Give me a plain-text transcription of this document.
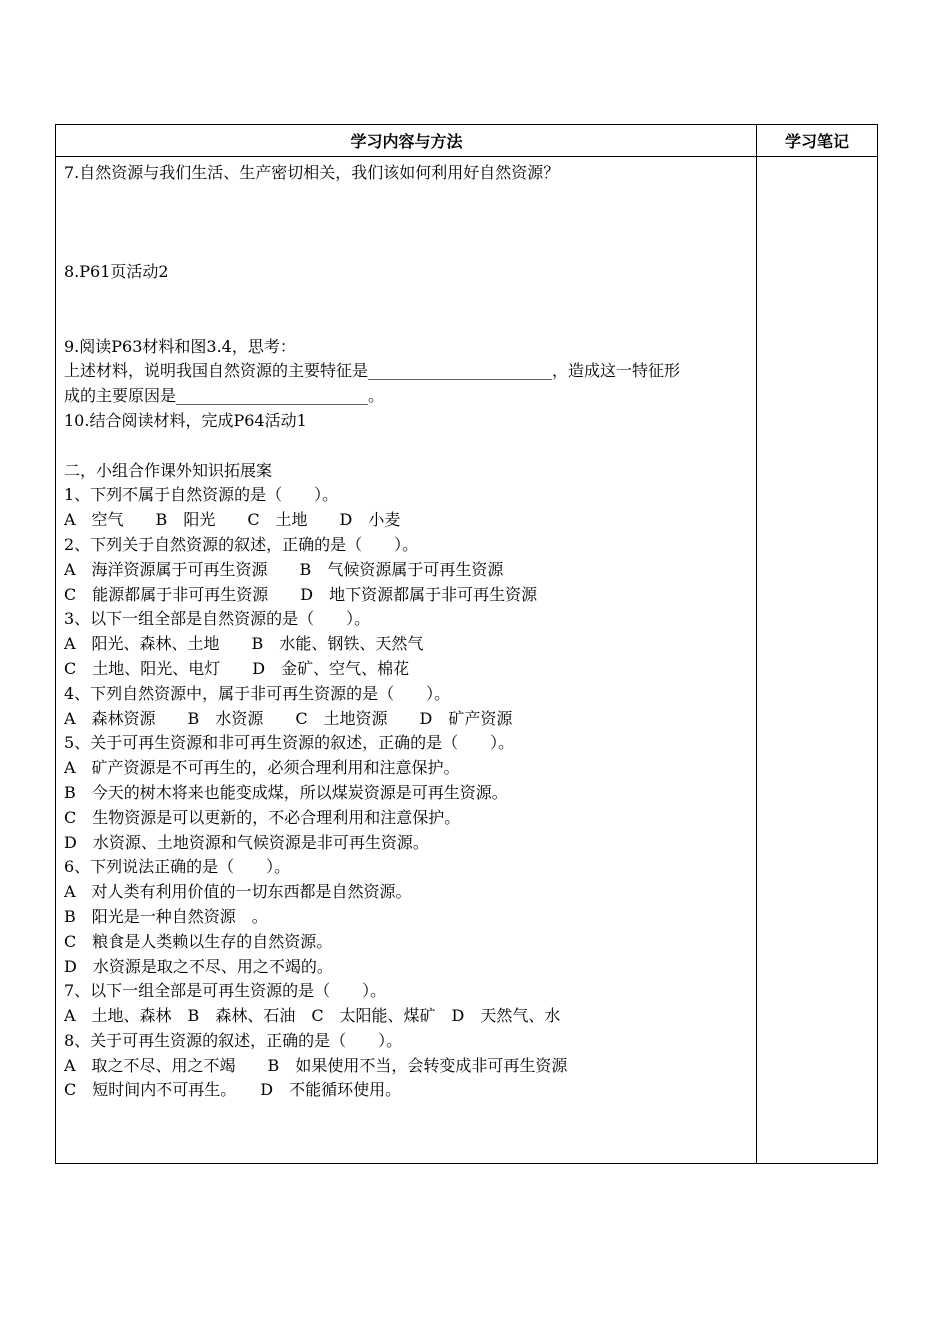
学习内容与方法	学习笔记
7.自然资源与我们生活、生产密切相关，我们该如何利用好自然资源？
8.P61页活动2
9.阅读P63材料和图3.4，思考：
上述材料，说明我国自然资源的主要特征是_______________________，造成这一特征形
成的主要原因是________________________。
10.结合阅读材料，完成P64活动1
二，小组合作课外知识拓展案
1、下列不属于自然资源的是（　　）。
A　空气　　B　阳光　　C　土地　　D　小麦
2、下列关于自然资源的叙述，正确的是（　　）。
A　海洋资源属于可再生资源　　B　气候资源属于可再生资源
C　能源都属于非可再生资源　　D　地下资源都属于非可再生资源
3、以下一组全部是自然资源的是（　　）。
A　阳光、森林、土地　　B　水能、钢铁、天然气
C　土地、阳光、电灯　　D　金矿、空气、棉花
4、下列自然资源中，属于非可再生资源的是（　　）。
A　森林资源　　B　水资源　　C　土地资源　　D　矿产资源
5、关于可再生资源和非可再生资源的叙述，正确的是（　　）。
A　矿产资源是不可再生的，必须合理利用和注意保护。
B　今天的树木将来也能变成煤，所以煤炭资源是可再生资源。
C　生物资源是可以更新的，不必合理利用和注意保护。
D　水资源、土地资源和气候资源是非可再生资源。
6、下列说法正确的是（　　）。
A　对人类有利用价值的一切东西都是自然资源。
B　阳光是一种自然资源　。
C　粮食是人类赖以生存的自然资源。
D　水资源是取之不尽、用之不竭的。
7、以下一组全部是可再生资源的是（　　）。
A　土地、森林　B　森林、石油　C　太阳能、煤矿　D　天然气、水
8、关于可再生资源的叙述，正确的是（　　）。
A　取之不尽、用之不竭　　B　如果使用不当，会转变成非可再生资源
C　短时间内不可再生。　　D　不能循环使用。
